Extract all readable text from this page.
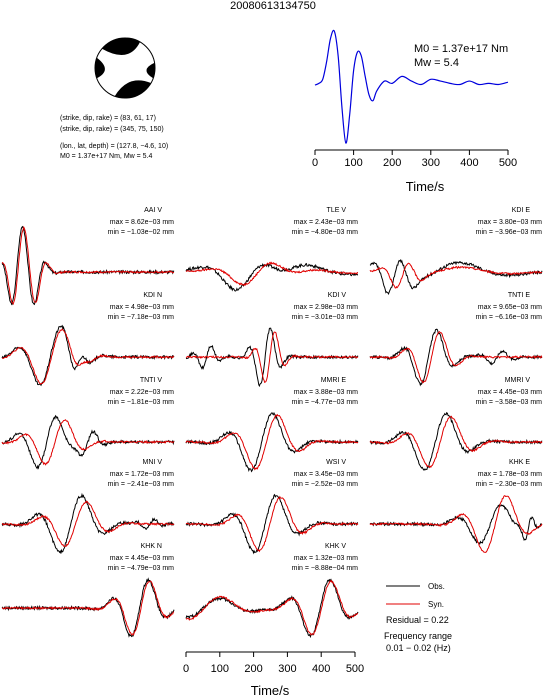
20080613134750
(strike, dip, rake) = (83, 61, 17)
(strike, dip, rake) = (345, 75, 150)
(lon., lat, depth) = (127.8, −4.6, 10)
M0 = 1.37e+17 Nm, Mw = 5.4
0 100 200 300 400 500
M0 = 1.37e+17 Nm
Mw = 5.4
Time/s
AAI V
max = 8.62e−03 mm
min = −1.03e−02 mm
TLE V
max = 2.43e−03 mm
min = −4.80e−03 mm
KDI E
max = 3.80e−03 mm
min = −3.96e−03 mm
KDI N
max = 4.98e−03 mm
min = −7.18e−03 mm
KDI V
max = 2.98e−03 mm
min = −3.01e−03 mm
TNTI E
max = 9.65e−03 mm
min = −6.16e−03 mm
TNTI V
max = 2.22e−03 mm
min = −1.81e−03 mm
MMRI E
max = 3.88e−03 mm
min = −4.77e−03 mm
MMRI V
max = 4.45e−03 mm
min = −3.58e−03 mm
MNI V
max = 1.72e−03 mm
min = −2.41e−03 mm
WSI V
max = 3.45e−03 mm
min = −2.52e−03 mm
KHK E
max = 1.78e−03 mm
min = −2.30e−03 mm
KHK N
max = 4.45e−03 mm
min = −4.79e−03 mm
KHK V
max = 1.32e−03 mm
min = −8.88e−04 mm
0 100 200 300 400 500
Time/s
Obs.
Syn.
Residual = 0.22
Frequency range
0.01 − 0.02 (Hz)
